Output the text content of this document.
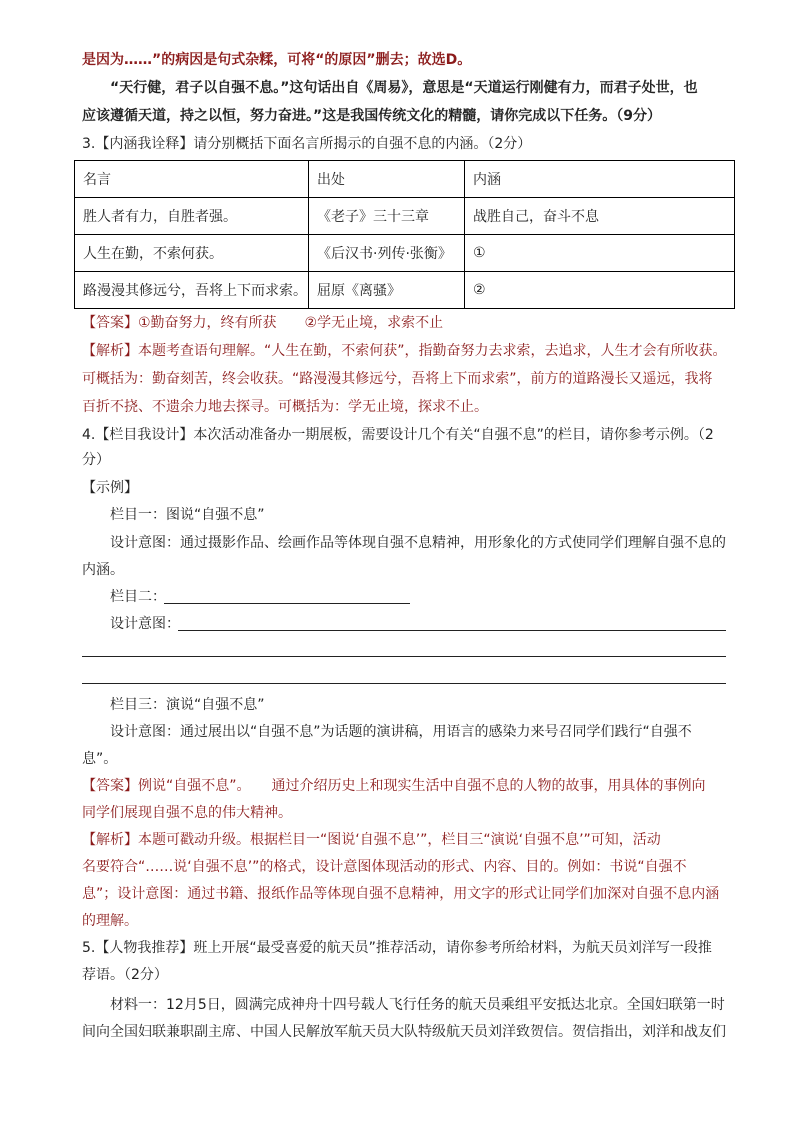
是因为……”的病因是句式杂糅，可将“的原因”删去；故选D。

“天行健，君子以自强不息。”这句话出自《周易》，意思是“天道运行刚健有力，而君子处世，也

应该遵循天道，持之以恒，努力奋进。”这是我国传统文化的精髓，请你完成以下任务。（9分）

3.【内涵我诠释】请分别概括下面名言所揭示的自强不息的内涵。（2分）

名言	出处	内涵
胜人者有力，自胜者强。	《老子》三十三章	战胜自己，奋斗不息
人生在勤，不索何获。	《后汉书·列传·张衡》	①
路漫漫其修远兮，吾将上下而求索。	屈原《离骚》	②

【答案】①勤奋努力，终有所获　　②学无止境，求索不止

【解析】本题考查语句理解。“人生在勤，不索何获”，指勤奋努力去求索，去追求，人生才会有所收获。

可概括为：勤奋刻苦，终会收获。“路漫漫其修远兮，吾将上下而求索”，前方的道路漫长又遥远，我将

百折不挠、不遗余力地去探寻。可概括为：学无止境，探求不止。

4.【栏目我设计】本次活动准备办一期展板，需要设计几个有关“自强不息”的栏目，请你参考示例。（2

分）

【示例】

栏目一：图说“自强不息”

设计意图：通过摄影作品、绘画作品等体现自强不息精神，用形象化的方式使同学们理解自强不息的

内涵。

栏目二：

设计意图：

栏目三：演说“自强不息”

设计意图：通过展出以“自强不息”为话题的演讲稿，用语言的感染力来号召同学们践行“自强不

息”。

【答案】例说“自强不息”。　　通过介绍历史上和现实生活中自强不息的人物的故事，用具体的事例向

同学们展现自强不息的伟大精神。

【解析】本题可戳动升级。根据栏目一“图说‘自强不息’”，栏目三“演说‘自强不息’”可知，活动

名要符合“……说‘自强不息’”的格式，设计意图体现活动的形式、内容、目的。例如：书说“自强不

息”；设计意图：通过书籍、报纸作品等体现自强不息精神，用文字的形式让同学们加深对自强不息内涵

的理解。

5.【人物我推荐】班上开展“最受喜爱的航天员”推荐活动，请你参考所给材料，为航天员刘洋写一段推

荐语。（2分）

材料一：12月5日，圆满完成神舟十四号载人飞行任务的航天员乘组平安抵达北京。全国妇联第一时

间向全国妇联兼职副主席、中国人民解放军航天员大队特级航天员刘洋致贺信。贺信指出，刘洋和战友们
